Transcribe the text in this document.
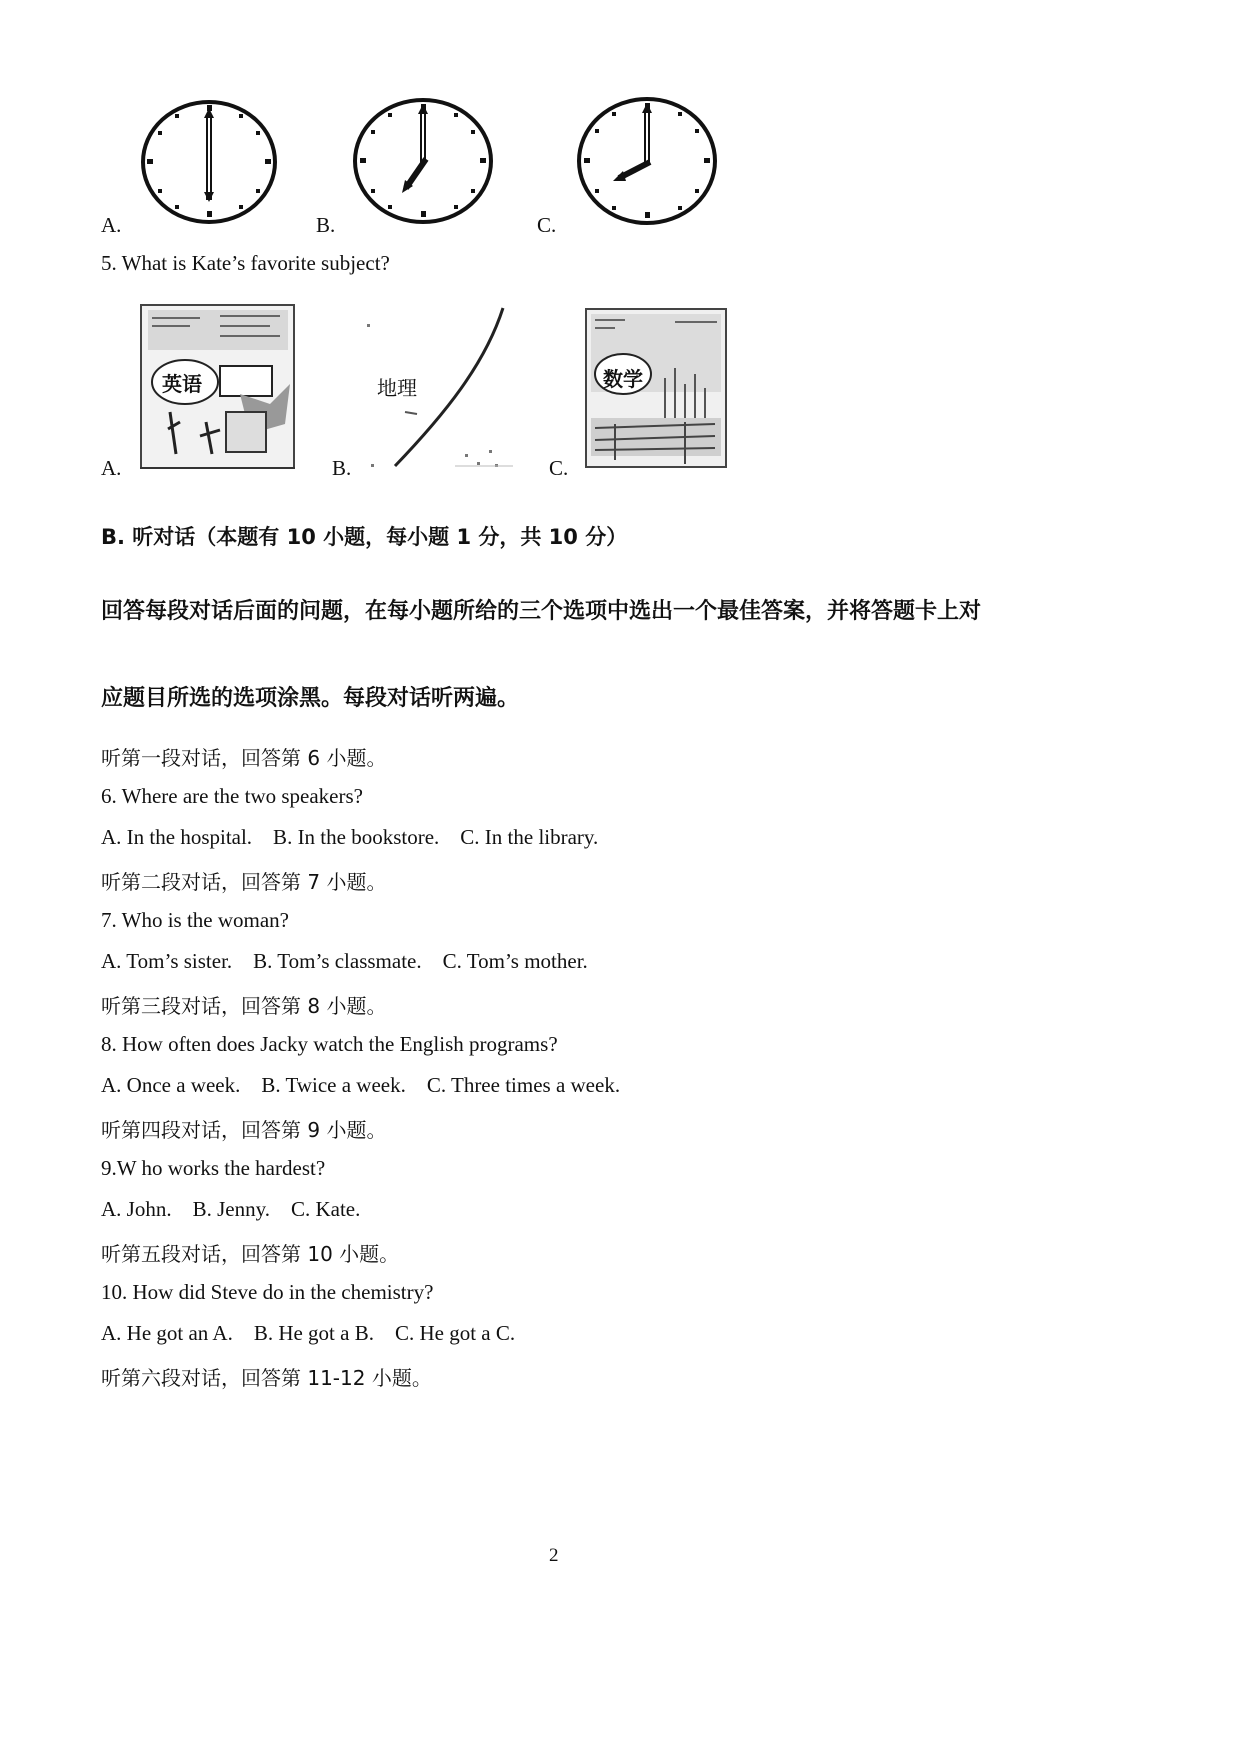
A.	B.	C.
5. What is Kate’s favorite subject?
A.	B.	C.
英语	地理	数学
B. 听对话（本题有 10 小题，每小题 1 分，共 10 分）
回答每段对话后面的问题，在每小题所给的三个选项中选出一个最佳答案，并将答题卡上对
应题目所选的选项涂黑。每段对话听两遍。
听第一段对话，回答第 6 小题。
6. Where are the two speakers?
A. In the hospital.    B. In the bookstore.    C. In the library.
听第二段对话，回答第 7 小题。
7. Who is the woman?
A. Tom’s sister.    B. Tom’s classmate.    C. Tom’s mother.
听第三段对话，回答第 8 小题。
8. How often does Jacky watch the English programs?
A. Once a week.    B. Twice a week.    C. Three times a week.
听第四段对话，回答第 9 小题。
9.W ho works the hardest?
A. John.    B. Jenny.    C. Kate.
听第五段对话，回答第 10 小题。
10. How did Steve do in the chemistry?
A. He got an A.    B. He got a B.    C. He got a C.
听第六段对话，回答第 11-12 小题。
2
